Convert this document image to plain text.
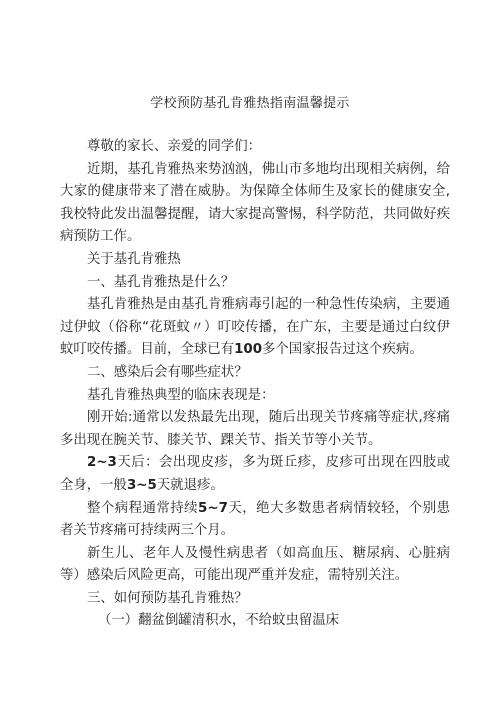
学校预防基孔肯雅热指南温馨提示

尊敬的家长、亲爱的同学们：

近期，基孔肯雅热来势汹汹，佛山市多地均出现相关病例，给大家的健康带来了潜在威胁。为保障全体师生及家长的健康安全,我校特此发出温馨提醒，请大家提高警惕，科学防范，共同做好疾病预防工作。

关于基孔肯雅热

一、基孔肯雅热是什么？

基孔肯雅热是由基孔肯雅病毒引起的一种急性传染病，主要通过伊蚊（俗称“花斑蚊〃）叮咬传播，在广东，主要是通过白纹伊蚊叮咬传播。目前，全球已有100多个国家报告过这个疾病。

二、感染后会有哪些症状？

基孔肯雅热典型的临床表现是：

刚开始:通常以发热最先出现，随后出现关节疼痛等症状,疼痛多出现在腕关节、膝关节、踝关节、指关节等小关节。

2~3天后：会出现皮疹，多为斑丘疹，皮疹可出现在四肢或全身，一般3~5天就退疹。

整个病程通常持续5~7天，绝大多数患者病情较轻，个别患者关节疼痛可持续两三个月。

新生儿、老年人及慢性病患者（如高血压、糖尿病、心脏病等）感染后风险更高，可能出现严重并发症，需特别关注。

三、如何预防基孔肯雅热？

（一）翻盆倒罐清积水，不给蚊虫留温床
